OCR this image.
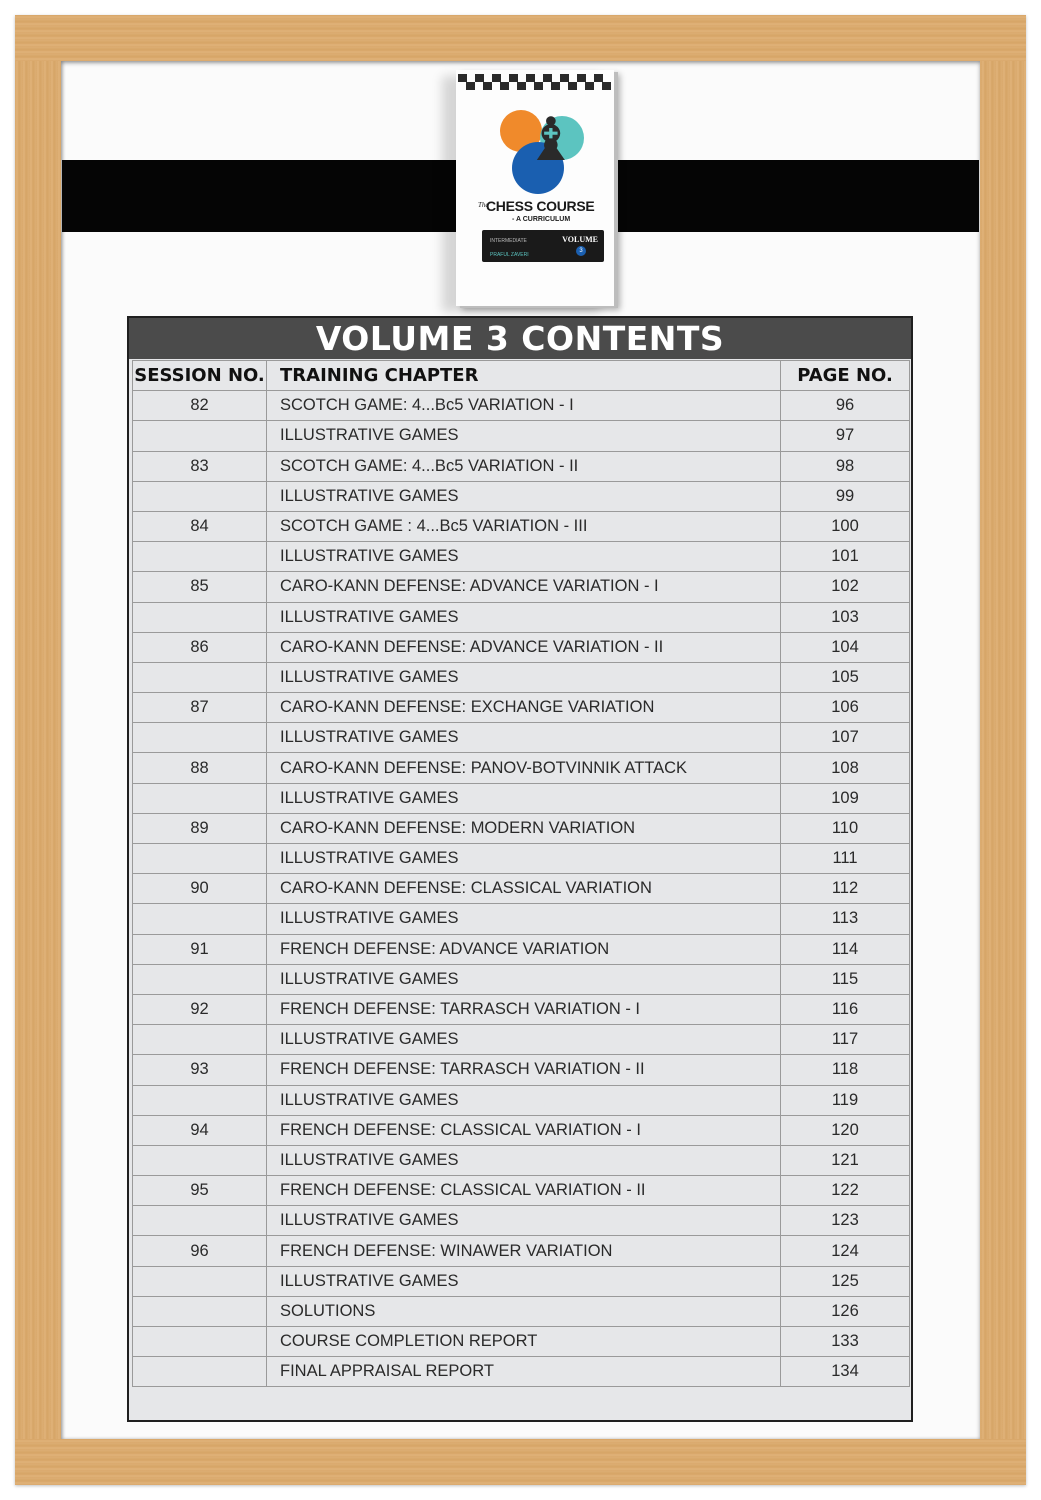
♝
The
CHESS COURSE
- A CURRICULUM
INTERMEDIATE	VOLUME
3
PRAFUL ZAVERI
VOLUME 3 CONTENTS
SESSION NO.	TRAINING CHAPTER	PAGE NO.
82	SCOTCH GAME: 4...Bc5 VARIATION - I	96
	ILLUSTRATIVE GAMES	97
83	SCOTCH GAME: 4...Bc5 VARIATION - II	98
	ILLUSTRATIVE GAMES	99
84	SCOTCH GAME : 4...Bc5 VARIATION - III	100
	ILLUSTRATIVE GAMES	101
85	CARO-KANN DEFENSE: ADVANCE VARIATION - I	102
	ILLUSTRATIVE GAMES	103
86	CARO-KANN DEFENSE: ADVANCE VARIATION - II	104
	ILLUSTRATIVE GAMES	105
87	CARO-KANN DEFENSE: EXCHANGE VARIATION	106
	ILLUSTRATIVE GAMES	107
88	CARO-KANN DEFENSE: PANOV-BOTVINNIK ATTACK	108
	ILLUSTRATIVE GAMES	109
89	CARO-KANN DEFENSE: MODERN VARIATION	110
	ILLUSTRATIVE GAMES	111
90	CARO-KANN DEFENSE: CLASSICAL VARIATION	112
	ILLUSTRATIVE GAMES	113
91	FRENCH DEFENSE: ADVANCE VARIATION	114
	ILLUSTRATIVE GAMES	115
92	FRENCH DEFENSE: TARRASCH VARIATION - I	116
	ILLUSTRATIVE GAMES	117
93	FRENCH DEFENSE: TARRASCH VARIATION - II	118
	ILLUSTRATIVE GAMES	119
94	FRENCH DEFENSE: CLASSICAL VARIATION - I	120
	ILLUSTRATIVE GAMES	121
95	FRENCH DEFENSE: CLASSICAL VARIATION - II	122
	ILLUSTRATIVE GAMES	123
96	FRENCH DEFENSE: WINAWER VARIATION	124
	ILLUSTRATIVE GAMES	125
	SOLUTIONS	126
	COURSE COMPLETION REPORT	133
	FINAL APPRAISAL REPORT	134
